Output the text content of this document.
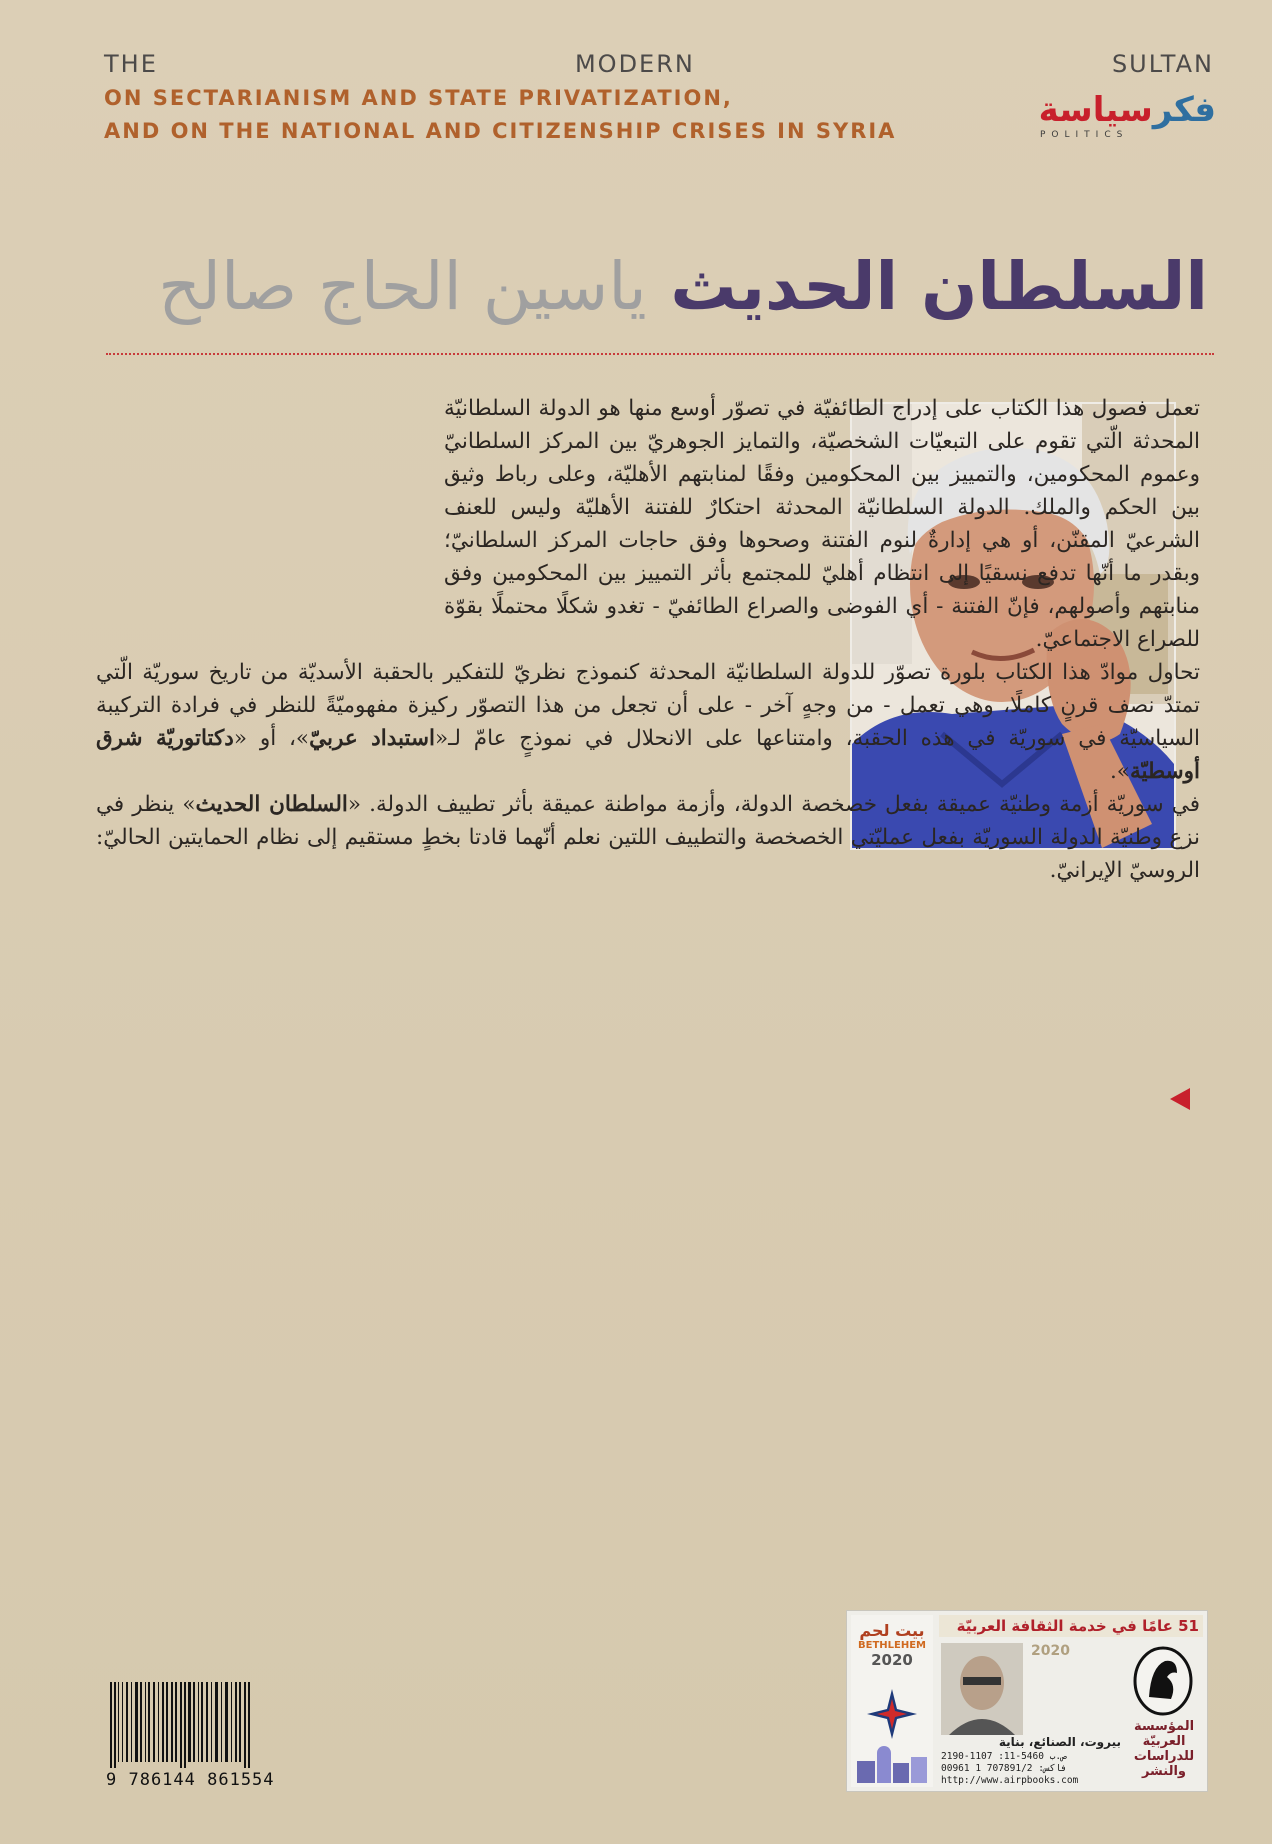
THE	MODERN	SULTAN
ON SECTARIANISM AND STATE PRIVATIZATION,
AND ON THE NATIONAL AND CITIZENSHIP CRISES IN SYRIA
فكرسياسة
POLITICS
السلطان الحديث ياسين الحاج صالح

تعمل فصول هذا الكتاب على إدراج الطائفيّة في تصوّر أوسع منها هو الدولة السلطانيّة المحدثة الّتي تقوم على التبعيّات الشخصيّة، والتمايز الجوهريّ بين المركز السلطانيّ وعموم المحكومين، والتمييز بين المحكومين وفقًا لمنابتهم الأهليّة، وعلى رباط وثيق بين الحكم والملك. الدولة السلطانيّة المحدثة احتكارٌ للفتنة الأهليّة وليس للعنف الشرعيّ المقنّن، أو هي إدارةٌ لنوم الفتنة وصحوها وفق حاجات المركز السلطانيّ؛ وبقدر ما أنّها تدفع نسقيًا إلى انتظام أهليّ للمجتمع بأثر التمييز بين المحكومين وفق منابتهم وأصولهم، فإنّ الفتنة - أي الفوضى والصراع الطائفيّ - تغدو شكلًا محتملًا بقوّة للصراع الاجتماعيّ.

تحاول موادّ هذا الكتاب بلورة تصوّر للدولة السلطانيّة المحدثة كنموذج نظريّ للتفكير بالحقبة الأسديّة من تاريخ سوريّة الّتي تمتدّ نصف قرنٍ كاملًا، وهي تعمل - من وجهٍ آخر - على أن تجعل من هذا التصوّر ركيزة مفهوميّةً للنظر في فرادة التركيبة السياسيّة في سوريّة في هذه الحقبة، وامتناعها على الانحلال في نموذجٍ عامّ لـ«استبداد عربيّ»، أو «دكتاتوريّة شرق أوسطيّة».

في سوريّة أزمة وطنيّة عميقة بفعل خصخصة الدولة، وأزمة مواطنة عميقة بأثر تطييف الدولة. «السلطان الحديث» ينظر في نزع وطنيّة الدولة السوريّة بفعل عمليّتي الخصخصة والتطييف اللتين نعلم أنّهما قادتا بخطٍ مستقيم إلى نظام الحمايتين الحاليّ: الروسيّ الإيرانيّ.

9 786144 861554
بيت لحم
BETHLEHEM
2020
51 عامًا في خدمة الثقافة العربيّة
2020
بيروت، الصنائع، بناية
2190-1107 :11-5460 ص.ب
00961 1 707891/2 :فاكس
http://www.airpbooks.com
المؤسسة العربيّة للدراسات والنشر
